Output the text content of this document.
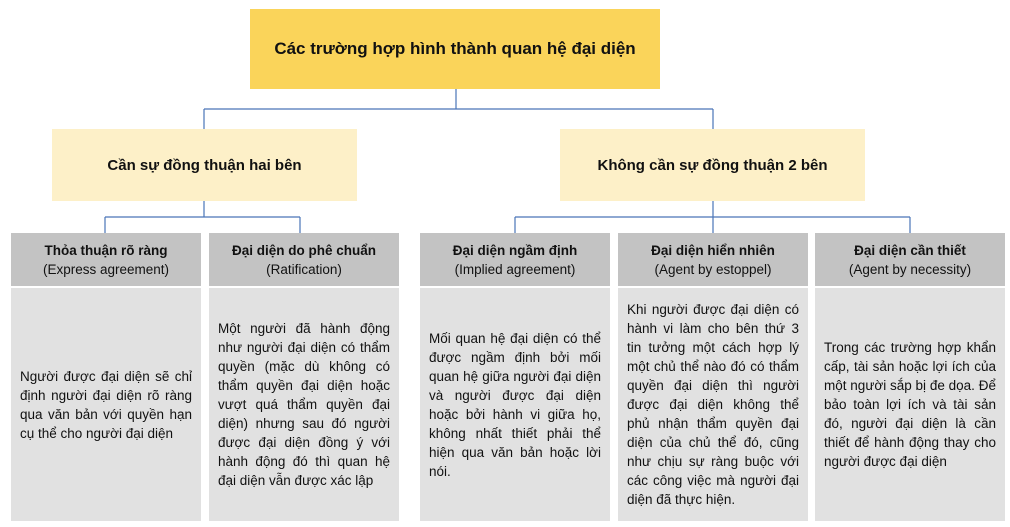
Các trường hợp hình thành quan hệ đại diện
Cần sự đồng thuận hai bên	Không cần sự đồng thuận 2 bên
Thỏa thuận rõ ràng
(Express agreement)

Người được đại diện sẽ chỉ định người đại diện rõ ràng qua văn bản với quyền hạn cụ thể cho người đại diện

Đại diện do phê chuẩn
(Ratification)

Một người đã hành động như người đại diện có thẩm quyền (mặc dù không có thẩm quyền đại diện hoặc vượt quá thẩm quyền đại diện) nhưng sau đó người được đại diện đồng ý với hành động đó thì quan hệ đại diện vẫn được xác lập

Đại diện ngầm định
(Implied agreement)

Mối quan hệ đại diện có thể được ngầm định bởi mối quan hệ giữa người đại diện và người được đại diện hoặc bởi hành vi giữa họ, không nhất thiết phải thể hiện qua văn bản hoặc lời nói.

Đại diện hiển nhiên
(Agent by estoppel)

Khi người được đại diện có hành vi làm cho bên thứ 3 tin tưởng một cách hợp lý một chủ thể nào đó có thẩm quyền đại diện thì người được đại diện không thể phủ nhận thẩm quyền đại diện của chủ thể đó, cũng như chịu sự ràng buộc với các công việc mà người đại diện đã thực hiện.

Đại diện cần thiết
(Agent by necessity)

Trong các trường hợp khẩn cấp, tài sản hoặc lợi ích của một người sắp bị đe dọa. Để bảo toàn lợi ích và tài sản đó, người đại diện là cần thiết để hành động thay cho người được đại diện
